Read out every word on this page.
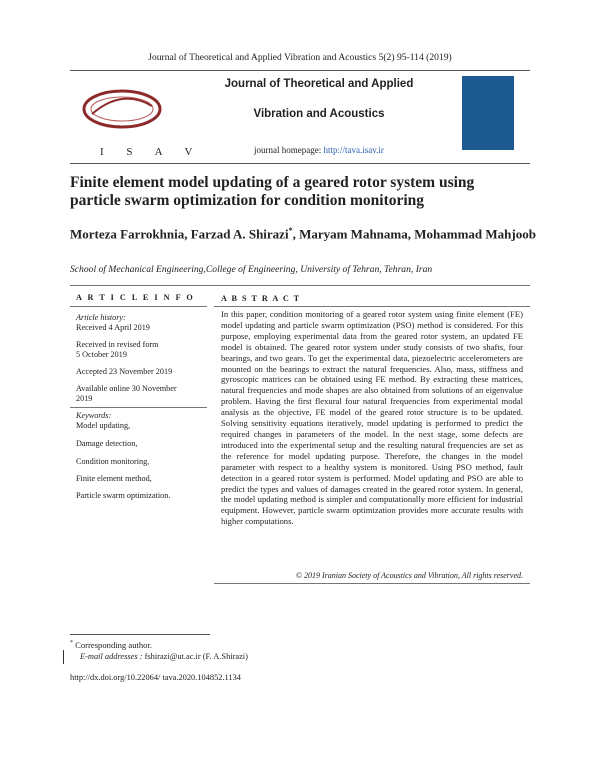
Journal of Theoretical and Applied Vibration and Acoustics 5(2) 95-114 (2019)
I S A V
Journal of Theoretical and Applied
Vibration and Acoustics
journal homepage: http://tava.isav.ir
Finite element model updating of a geared rotor system using particle swarm optimization for condition monitoring
Morteza Farrokhnia, Farzad A. Shirazi*, Maryam Mahnama, Mohammad Mahjoob
School of Mechanical Engineering,College of Engineering, University of Tehran, Tehran, Iran
A R T I C L E I N F O	A B S T R A C T
Article history:
Received 4 April 2019
Received in revised form
5 October 2019
Accepted 23 November 2019
Available online 30 November
2019
Keywords:
Model updating,
Damage detection,
Condition monitoring,
Finite element method,
Particle swarm optimization.
In this paper, condition monitoring of a geared rotor system using finite element (FE) model updating and particle swarm optimization (PSO) method is considered. For this purpose, employing experimental data from the geared rotor system, an updated FE model is obtained. The geared rotor system under study consists of two shafts, four bearings, and two gears. To get the experimental data, piezoelectric accelerometers are mounted on the bearings to extract the natural frequencies. Also, mass, stiffness and gyroscopic matrices can be obtained using FE method. By extracting these matrices, natural frequencies and mode shapes are also obtained from solutions of an eigenvalue problem. Having the first flexural four natural frequencies from experimental modal analysis as the objective, FE model of the geared rotor structure is to be updated. Solving sensitivity equations iteratively, model updating is performed to predict the required changes in parameters of the model. In the next stage, some defects are introduced into the experimental setup and the resulting natural frequencies are set as the reference for model updating purpose. Therefore, the changes in the model parameter with respect to a healthy system is monitored. Using PSO method, fault detection in a geared rotor system is performed. Model updating and PSO are able to predict the types and values of damages created in the geared rotor system. In general, the model updating method is simpler and computationally more efficient for industrial equipment. However, particle swarm optimization provides more accurate results with higher computations.
© 2019 Iranian Society of Acoustics and Vibration, All rights reserved.
* Corresponding author.
E-mail addresses : fshirazi@ut.ac.ir (F. A.Shirazi)
http://dx.doi.org/10.22064/ tava.2020.104852.1134
